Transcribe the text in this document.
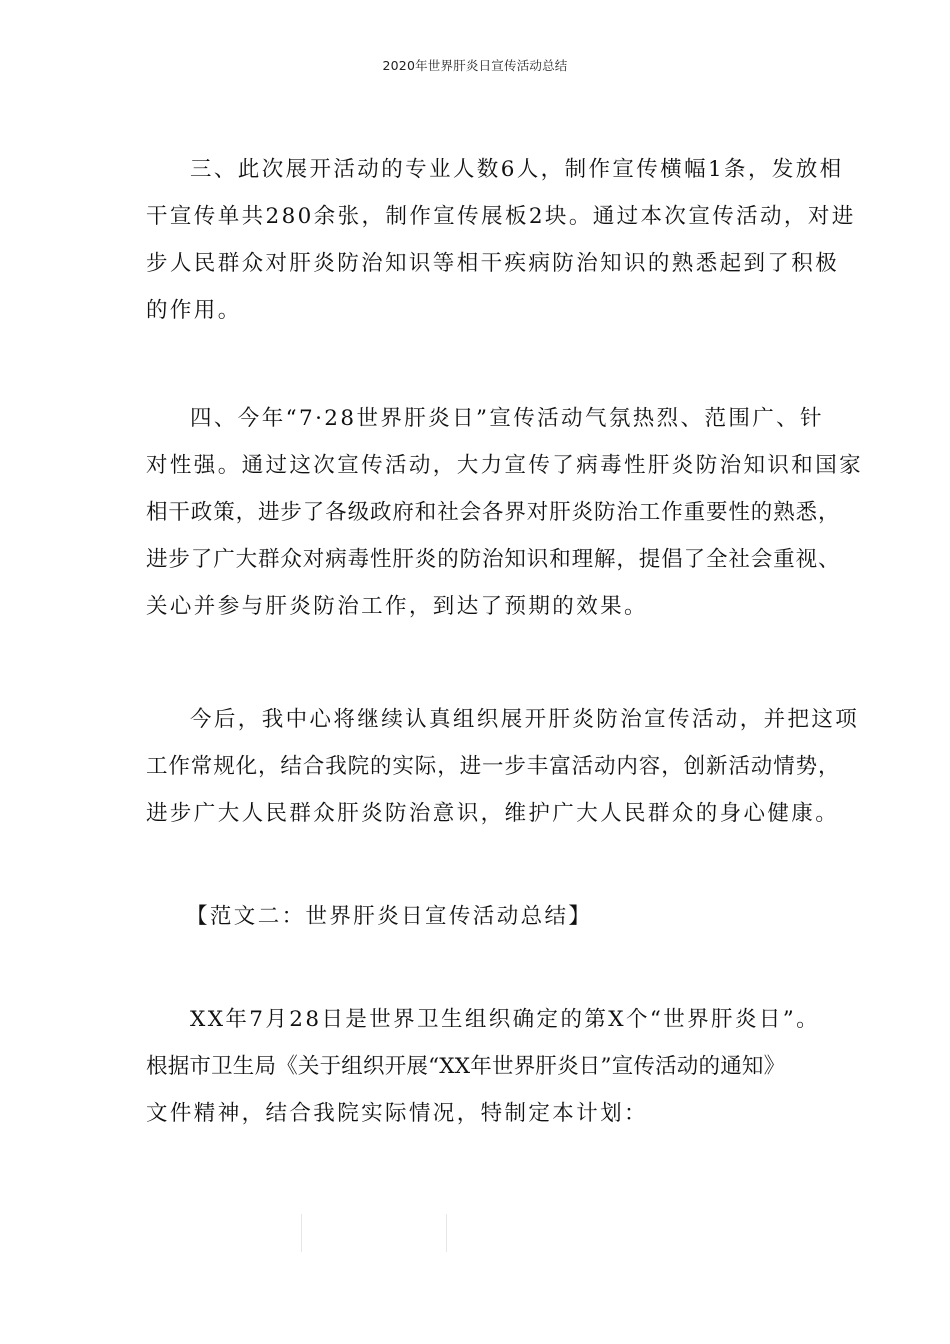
2020年世界肝炎日宣传活动总结
三、此次展开活动的专业人数6人，制作宣传横幅1条，发放相
干宣传单共280余张，制作宣传展板2块。通过本次宣传活动，对进
步人民群众对肝炎防治知识等相干疾病防治知识的熟悉起到了积极
的作用。
四、今年“7·28世界肝炎日”宣传活动气氛热烈、范围广、针
对性强。通过这次宣传活动，大力宣传了病毒性肝炎防治知识和国家
相干政策，进步了各级政府和社会各界对肝炎防治工作重要性的熟悉，
进步了广大群众对病毒性肝炎的防治知识和理解，提倡了全社会重视、
关心并参与肝炎防治工作，到达了预期的效果。
今后，我中心将继续认真组织展开肝炎防治宣传活动，并把这项
工作常规化，结合我院的实际，进一步丰富活动内容，创新活动情势，
进步广大人民群众肝炎防治意识，维护广大人民群众的身心健康。
【范文二：世界肝炎日宣传活动总结】
XX年7月28日是世界卫生组织确定的第X个“世界肝炎日”。
根据市卫生局《关于组织开展“XX年世界肝炎日”宣传活动的通知》
文件精神，结合我院实际情况，特制定本计划：
